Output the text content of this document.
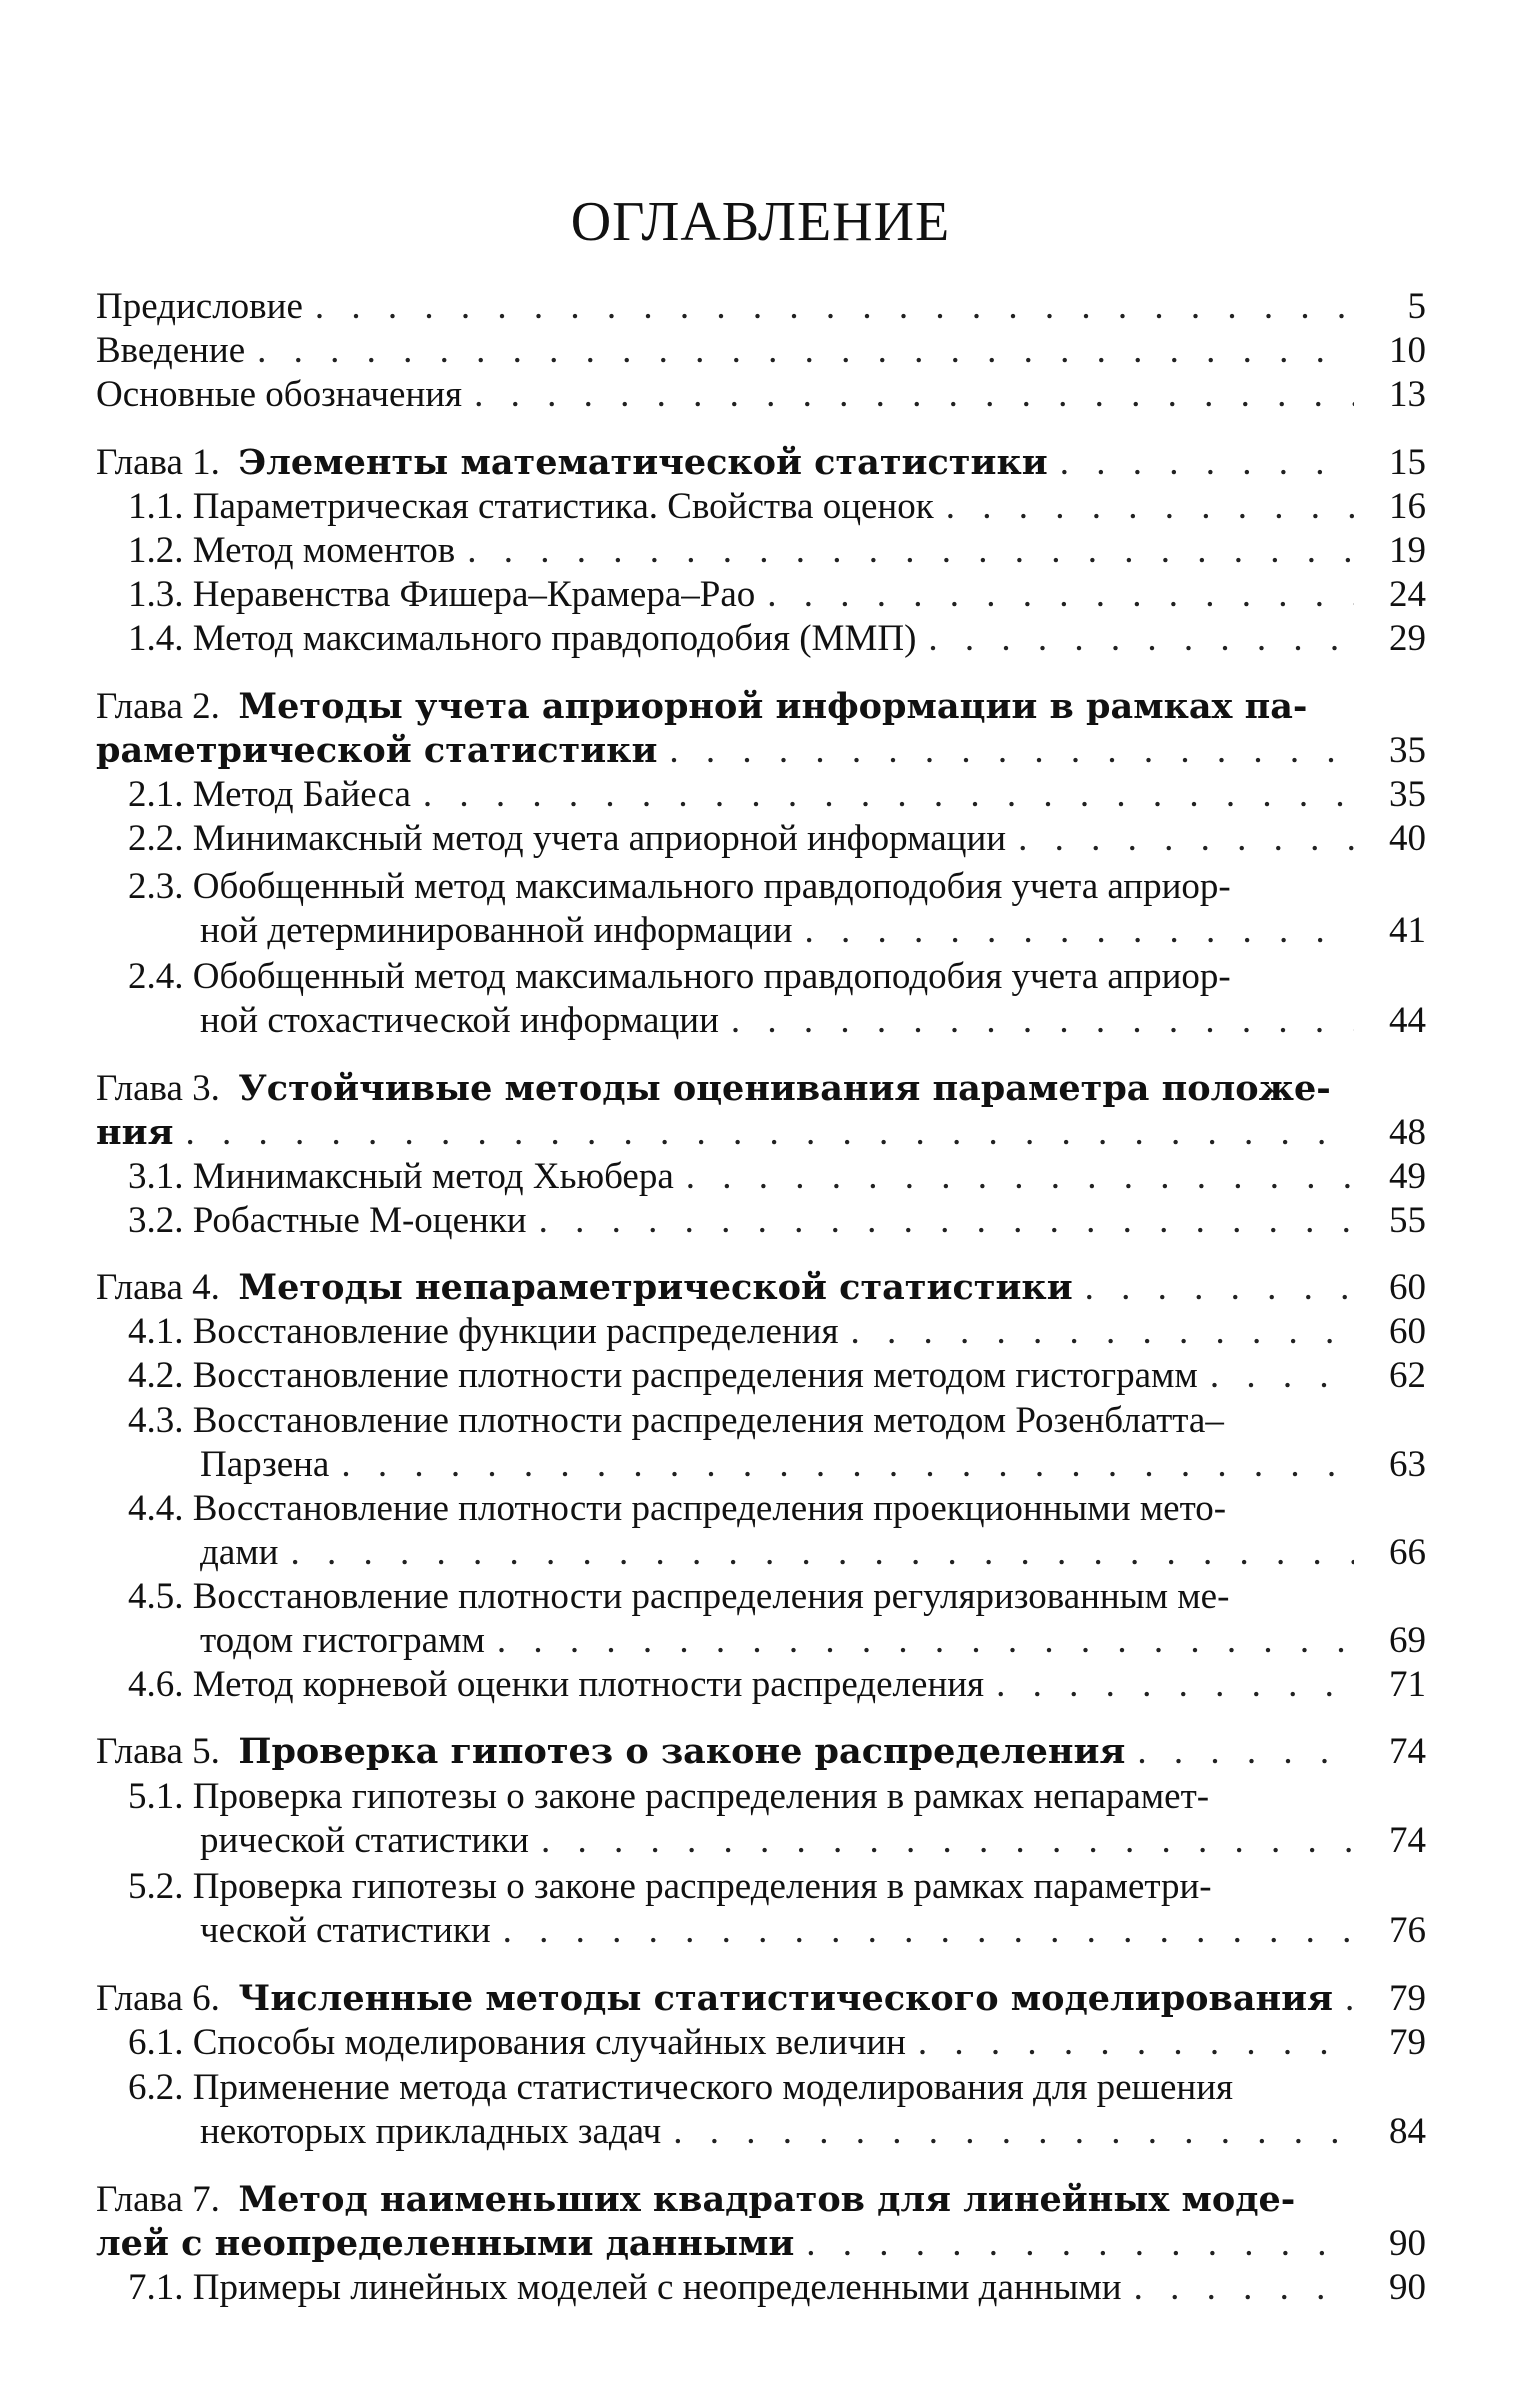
ОГЛАВЛЕНИЕ
Предисловие . . .	5
Введение . . .	10
Основные обозначения . . .	13
Глава 1. Элементы математической статистики . . .	15
1.1. Параметрическая статистика. Свойства оценок . . .	16
1.2. Метод моментов . . .	19
1.3. Неравенства Фишера–Крамера–Рао . . .	24
1.4. Метод максимального правдоподобия (ММП) . . .	29
Глава 2. Методы учета априорной информации в рамках па-
раметрической статистики . . .	35
2.1. Метод Байеса . . .	35
2.2. Минимаксный метод учета априорной информации . . .	40
2.3. Обобщенный метод максимального правдоподобия учета априор-
ной детерминированной информации . . .	41
2.4. Обобщенный метод максимального правдоподобия учета априор-
ной стохастической информации . . .	44
Глава 3. Устойчивые методы оценивания параметра положе-
ния . . .	48
3.1. Минимаксный метод Хьюбера . . .	49
3.2. Робастные М-оценки . . .	55
Глава 4. Методы непараметрической статистики . . .	60
4.1. Восстановление функции распределения . . .	60
4.2. Восстановление плотности распределения методом гистограмм . . .	62
4.3. Восстановление плотности распределения методом Розенблатта–
Парзена . . .	63
4.4. Восстановление плотности распределения проекционными мето-
дами . . .	66
4.5. Восстановление плотности распределения регуляризованным ме-
тодом гистограмм . . .	69
4.6. Метод корневой оценки плотности распределения . . .	71
Глава 5. Проверка гипотез о законе распределения . . .	74
5.1. Проверка гипотезы о законе распределения в рамках непарамет-
рической статистики . . .	74
5.2. Проверка гипотезы о законе распределения в рамках параметри-
ческой статистики . . .	76
Глава 6. Численные методы статистического моделирования . . .	79
6.1. Способы моделирования случайных величин . . .	79
6.2. Применение метода статистического моделирования для решения
некоторых прикладных задач . . .	84
Глава 7. Метод наименьших квадратов для линейных моде-
лей с неопределенными данными . . .	90
7.1. Примеры линейных моделей с неопределенными данными . . .	90
